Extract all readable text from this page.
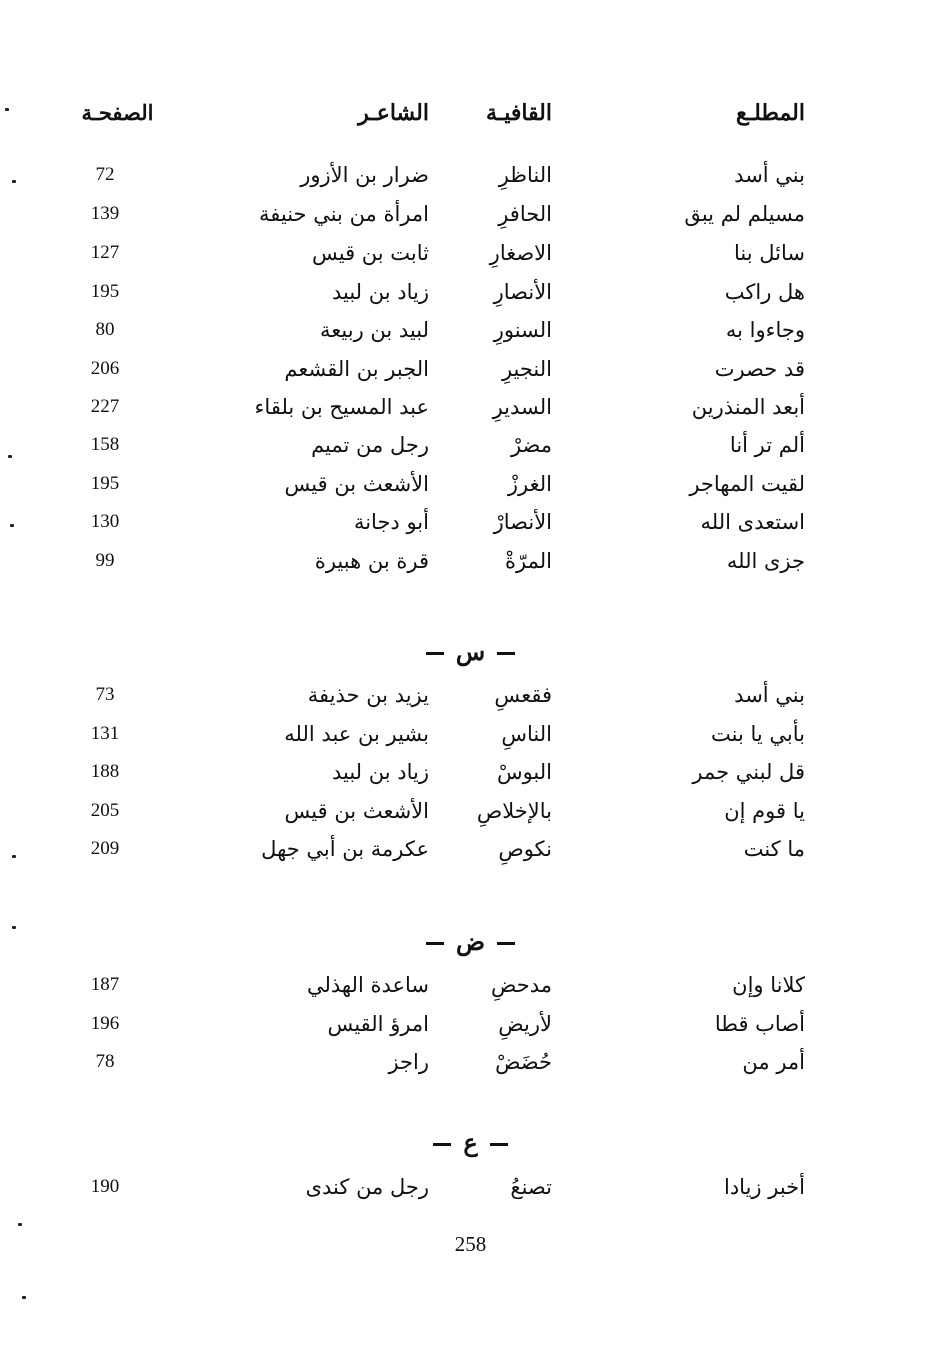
المطلـع
القافيـة
الشاعـر
الصفحـة
بني أسد
الناظرِ
ضرار بن الأزور
72
مسيلم لم يبق
الحافرِ
امرأة من بني حنيفة
139
سائل بنا
الاصغارِ
ثابت بن قيس
127
هل راكب
الأنصارِ
زياد بن لبيد
195
وجاءوا به
السنورِ
لبيد بن ربيعة
80
قد حصرت
النجيرِ
الجبر بن القشعم
206
أبعد المنذرين
السديرِ
عبد المسيح بن بلقاء
227
ألم تر أنا
مضرْ
رجل من تميم
158
لقيت المهاجر
الغرزْ
الأشعث بن قيس
195
استعدى الله
الأنصارْ
أبو دجانة
130
جزى الله
المرّةْ
قرة بن هبيرة
99
س
بني أسد
فقعسِ
يزيد بن حذيفة
73
بأبي يا بنت
الناسِ
بشير بن عبد الله
131
قل لبني جمر
البوسْ
زياد بن لبيد
188
يا قوم إن
بالإخلاصِ
الأشعث بن قيس
205
ما كنت
نكوصِ
عكرمة بن أبي جهل
209
ض
كلانا وإن
مدحضِ
ساعدة الهذلي
187
أصاب قطا
لأريضِ
امرؤ القيس
196
أمر من
حُضَضْ
راجز
78
ع
أخبر زيادا
تصنعُ
رجل من كندى
190
258
